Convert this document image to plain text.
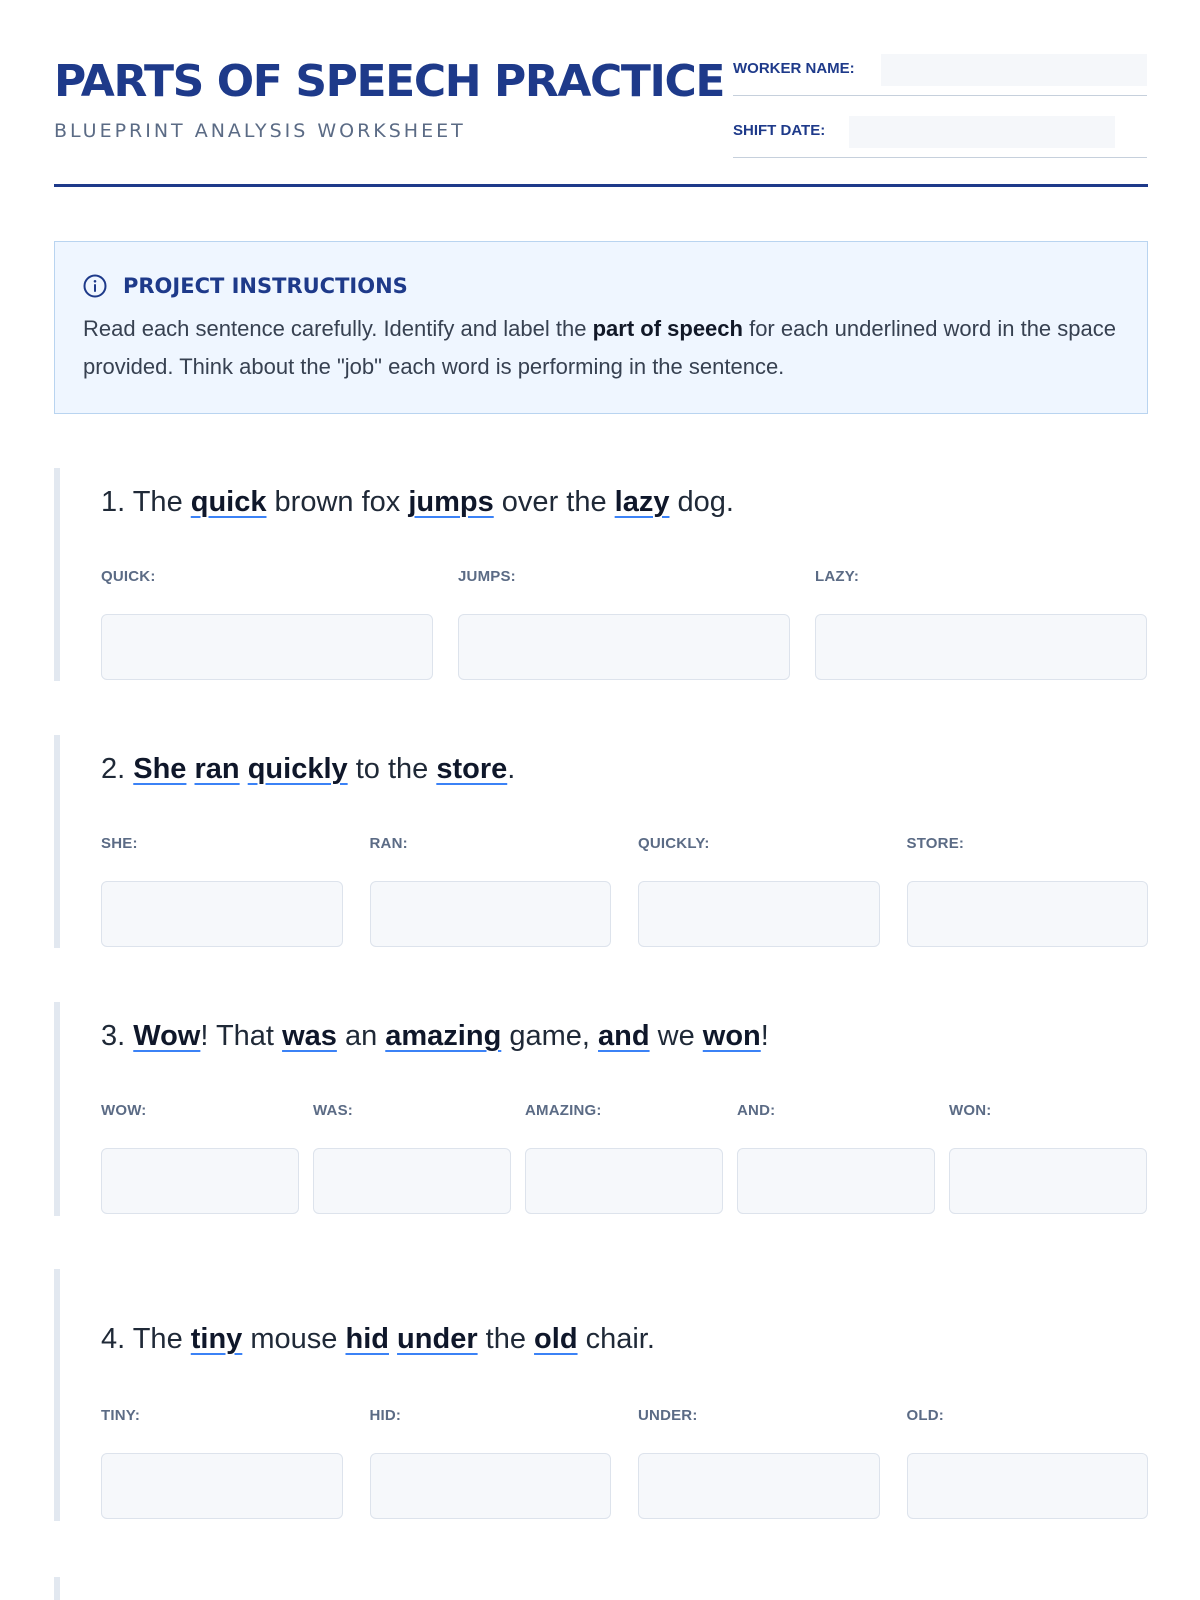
PARTS OF SPEECH PRACTICE
BLUEPRINT ANALYSIS WORKSHEET
WORKER NAME:
SHIFT DATE:
PROJECT INSTRUCTIONS

Read each sentence carefully. Identify and label the part of speech for each underlined word in the space provided. Think about the "job" each word is performing in the sentence.

1. The quick brown fox jumps over the lazy dog.

QUICK:	JUMPS:	LAZY:

2. She ran quickly to the store.

SHE:	RAN:	QUICKLY:	STORE:

3. Wow! That was an amazing game, and we won!

WOW:	WAS:	AMAZING:	AND:	WON:

4. The tiny mouse hid under the old chair.

TINY:	HID:	UNDER:	OLD:
